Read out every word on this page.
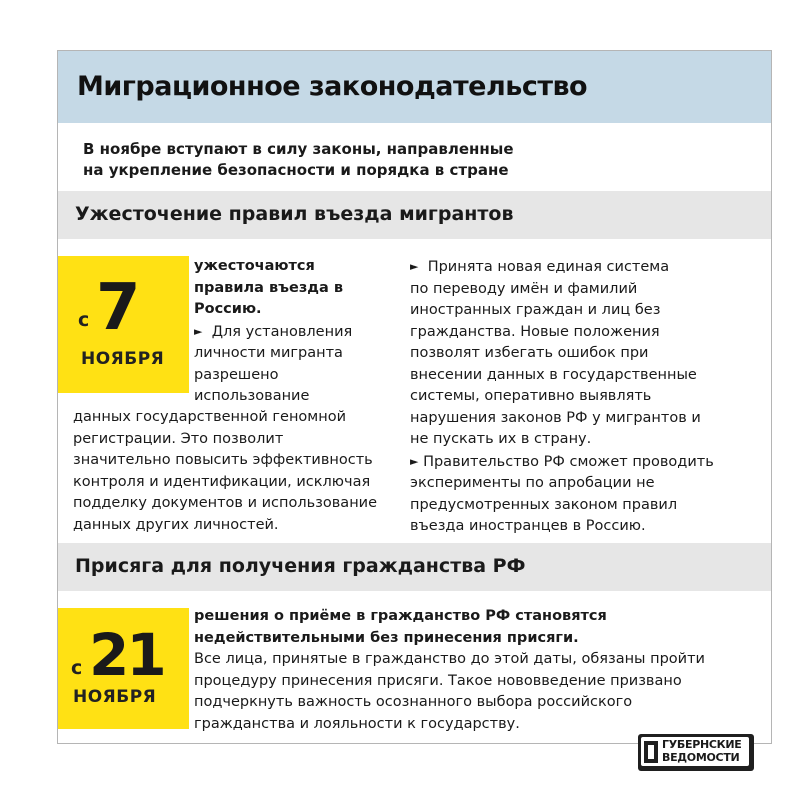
Миграционное законодательство
В ноябре вступают в силу законы, направленные
на укрепление безопасности и порядка в стране
Ужесточение правил въезда мигрантов
с 7
НОЯБРЯ
ужесточаются
правила въезда в
Россию.
► Для установления
личности мигранта
разрешено
использование
данных государственной геномной
регистрации. Это позволит
значительно повысить эффективность
контроля и идентификации, исключая
подделку документов и использование
данных других личностей.
► Принята новая единая система
по переводу имён и фамилий
иностранных граждан и лиц без
гражданства. Новые положения
позволят избегать ошибок при
внесении данных в государственные
системы, оперативно выявлять
нарушения законов РФ у мигрантов и
не пускать их в страну.
► Правительство РФ сможет проводить
эксперименты по апробации не
предусмотренных законом правил
въезда иностранцев в Россию.
Присяга для получения гражданства РФ
с 21
НОЯБРЯ
решения о приёме в гражданство РФ становятся
недействительными без принесения присяги.
Все лица, принятые в гражданство до этой даты, обязаны пройти
процедуру принесения присяги. Такое нововведение призвано
подчеркнуть важность осознанного выбора российского
гражданства и лояльности к государству.
ГУБЕРНСКИЕ
ВЕДОМОСТИ
